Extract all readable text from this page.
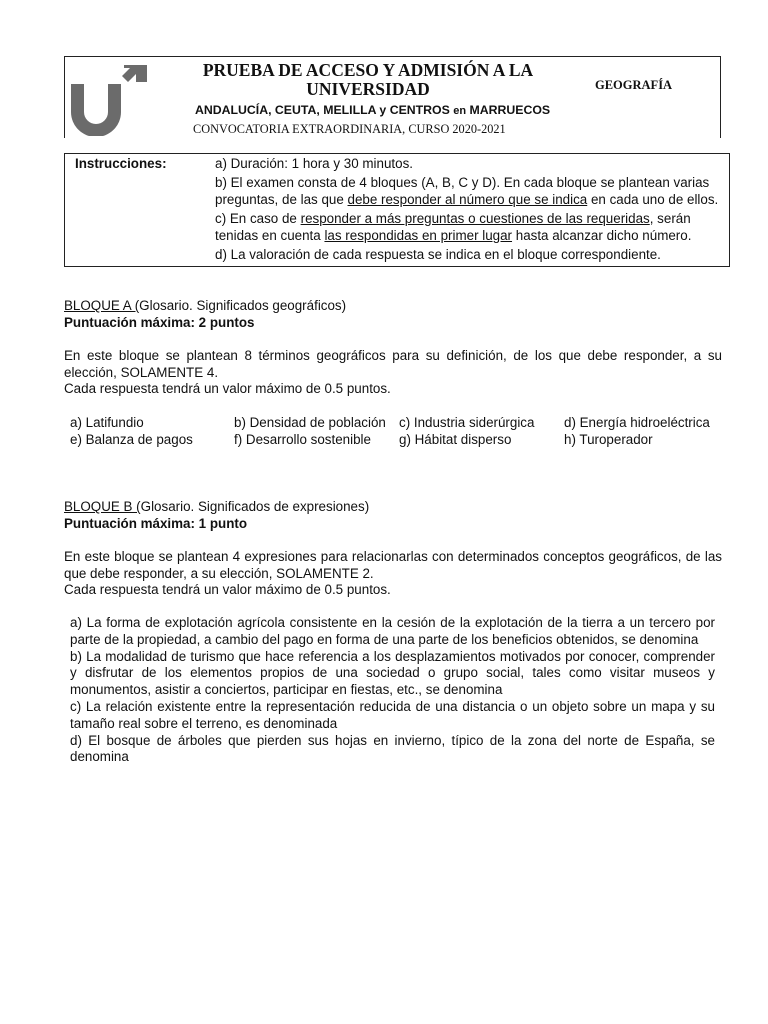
PRUEBA DE ACCESO Y ADMISIÓN A LA UNIVERSIDAD	GEOGRAFÍA
ANDALUCÍA, CEUTA, MELILLA y CENTROS en MARRUECOS
CONVOCATORIA EXTRAORDINARIA, CURSO 2020-2021
Instrucciones:	a) Duración: 1 hora y 30 minutos.

b) El examen consta de 4 bloques (A, B, C y D). En cada bloque se plantean varias preguntas, de las que debe responder al número que se indica en cada uno de ellos.

c) En caso de responder a más preguntas o cuestiones de las requeridas, serán tenidas en cuenta las respondidas en primer lugar hasta alcanzar dicho número.

d) La valoración de cada respuesta se indica en el bloque correspondiente.

BLOQUE A (Glosario. Significados geográficos)

Puntuación máxima: 2 puntos

En este bloque se plantean 8 términos geográficos para su definición, de los que debe responder, a su elección, SOLAMENTE 4.

Cada respuesta tendrá un valor máximo de 0.5 puntos.

a) Latifundio	b) Densidad de población c) Industria siderúrgica d) Energía hidroeléctrica
e) Balanza de pagos	f) Desarrollo sostenible g) Hábitat disperso	h) Turoperador

BLOQUE B (Glosario. Significados de expresiones)

Puntuación máxima: 1 punto

En este bloque se plantean 4 expresiones para relacionarlas con determinados conceptos geográficos, de las que debe responder, a su elección, SOLAMENTE 2.

Cada respuesta tendrá un valor máximo de 0.5 puntos.

a) La forma de explotación agrícola consistente en la cesión de la explotación de la tierra a un tercero por parte de la propiedad, a cambio del pago en forma de una parte de los beneficios obtenidos, se denomina

b) La modalidad de turismo que hace referencia a los desplazamientos motivados por conocer, comprender y disfrutar de los elementos propios de una sociedad o grupo social, tales como visitar museos y monumentos, asistir a conciertos, participar en fiestas, etc., se denomina

c) La relación existente entre la representación reducida de una distancia o un objeto sobre un mapa y su tamaño real sobre el terreno, es denominada

d) El bosque de árboles que pierden sus hojas en invierno, típico de la zona del norte de España, se denomina
